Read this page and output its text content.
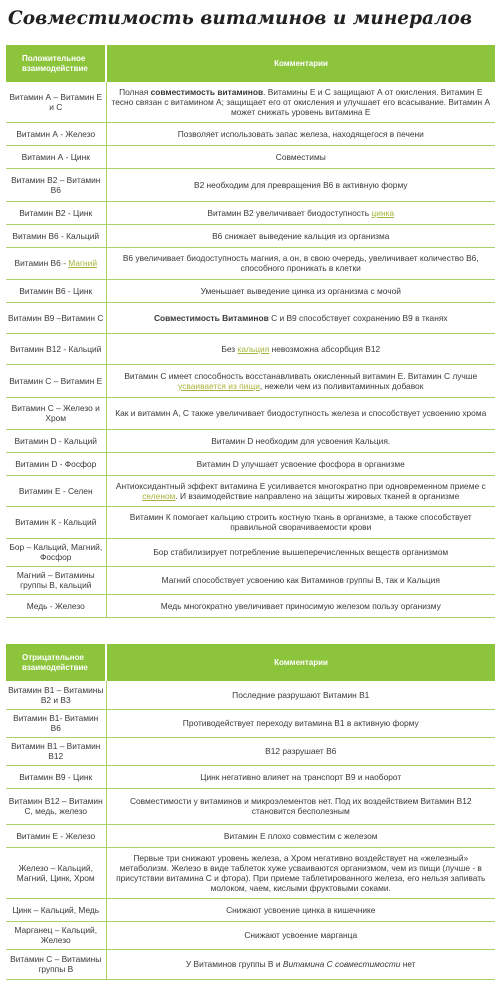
Совместимость витаминов и минералов
Положительное взаимодействие	Комментарии
Витамин А – Витамин Е и С	Полная совместимость витаминов. Витамины Е и С защищают А от окисления. Витамин Е тесно связан с витамином А; защищает его от окисления и улучшает его всасывание. Витамин А может снижать уровень витамина Е
Витамин А - Железо	Позволяет использовать запас железа, находящегося в печени
Витамин А - Цинк	Совместимы
Витамин В2 – Витамин В6	В2 необходим для превращения В6 в активную форму
Витамин В2 - Цинк	Витамин В2 увеличивает биодоступность цинка
Витамин В6 - Кальций	В6 снижает выведение кальция из организма
Витамин В6 - Магний	В6 увеличивает биодоступность магния, а он, в свою очередь, увеличивает количество В6, способного проникать в клетки
Витамин В6 - Цинк	Уменьшает выведение цинка из организма с мочой
Витамин В9 –Витамин С	Совместимость Витаминов С и В9 способствует сохранению В9 в тканях
Витамин В12 - Кальций	Без кальция невозможна абсорбция В12
Витамин С – Витамин Е	Витамин С имеет способность восстанавливать окисленный витамин Е. Витамин С лучше усваивается из пищи, нежели чем из поливитаминных добавок
Витамин С – Железо и Хром	Как и витамин А, С также увеличивает биодоступность железа и способствует усвоению хрома
Витамин D - Кальций	Витамин D необходим для усвоения Кальция.
Витамин D - Фосфор	Витамин D улучшает усвоение фосфора в организме
Витамин Е - Селен	Антиоксидантный эффект витамина Е усиливается многократно при одновременном приеме с селеном. И взаимодействие направлено на защиты жировых тканей в организме
Витамин К - Кальций	Витамин К помогает кальцию строить костную ткань в организме, а также способствует правильной сворачиваемости крови
Бор – Кальций, Магний, Фосфор	Бор стабилизирует потребление вышеперечисленных веществ организмом
Магний – Витамины группы В, кальций	Магний способствует усвоению как Витаминов группы В, так и Кальция
Медь - Железо	Медь многократно увеличивает приносимую железом пользу организму
Отрицательное взаимодействие	Комментарии
Витамин В1 – Витамины В2 и В3	Последние разрушают Витамин В1
Витамин В1- Витамин В6	Противодействует переходу витамина В1 в активную форму
Витамин В1 – Витамин В12	В12 разрушает В6
Витамин В9 - Цинк	Цинк негативно влияет на транспорт В9 и наоборот
Витамин В12 – Витамин С, медь, железо	Совместимости у витаминов и микроэлементов нет. Под их воздействием Витамин В12 становится бесполезным
Витамин Е - Железо	Витамин Е плохо совместим с железом
Железо – Кальций, Магний, Цинк, Хром	Первые три снижают уровень железа, а Хром негативно воздействует на «железный» метаболизм. Железо в виде таблеток хуже усваиваются организмом, чем из пищи (лучше - в присутствии витамина С и фтора). При приеме таблетированного железа, его нельзя запивать молоком, чаем, кислыми фруктовыми соками.
Цинк – Кальций, Медь	Снижают усвоение цинка в кишечнике
Марганец – Кальций, Железо	Снижают усвоение марганца
Витамин С – Витамины группы В	У Витаминов группы В и Витамина С совместимости нет
